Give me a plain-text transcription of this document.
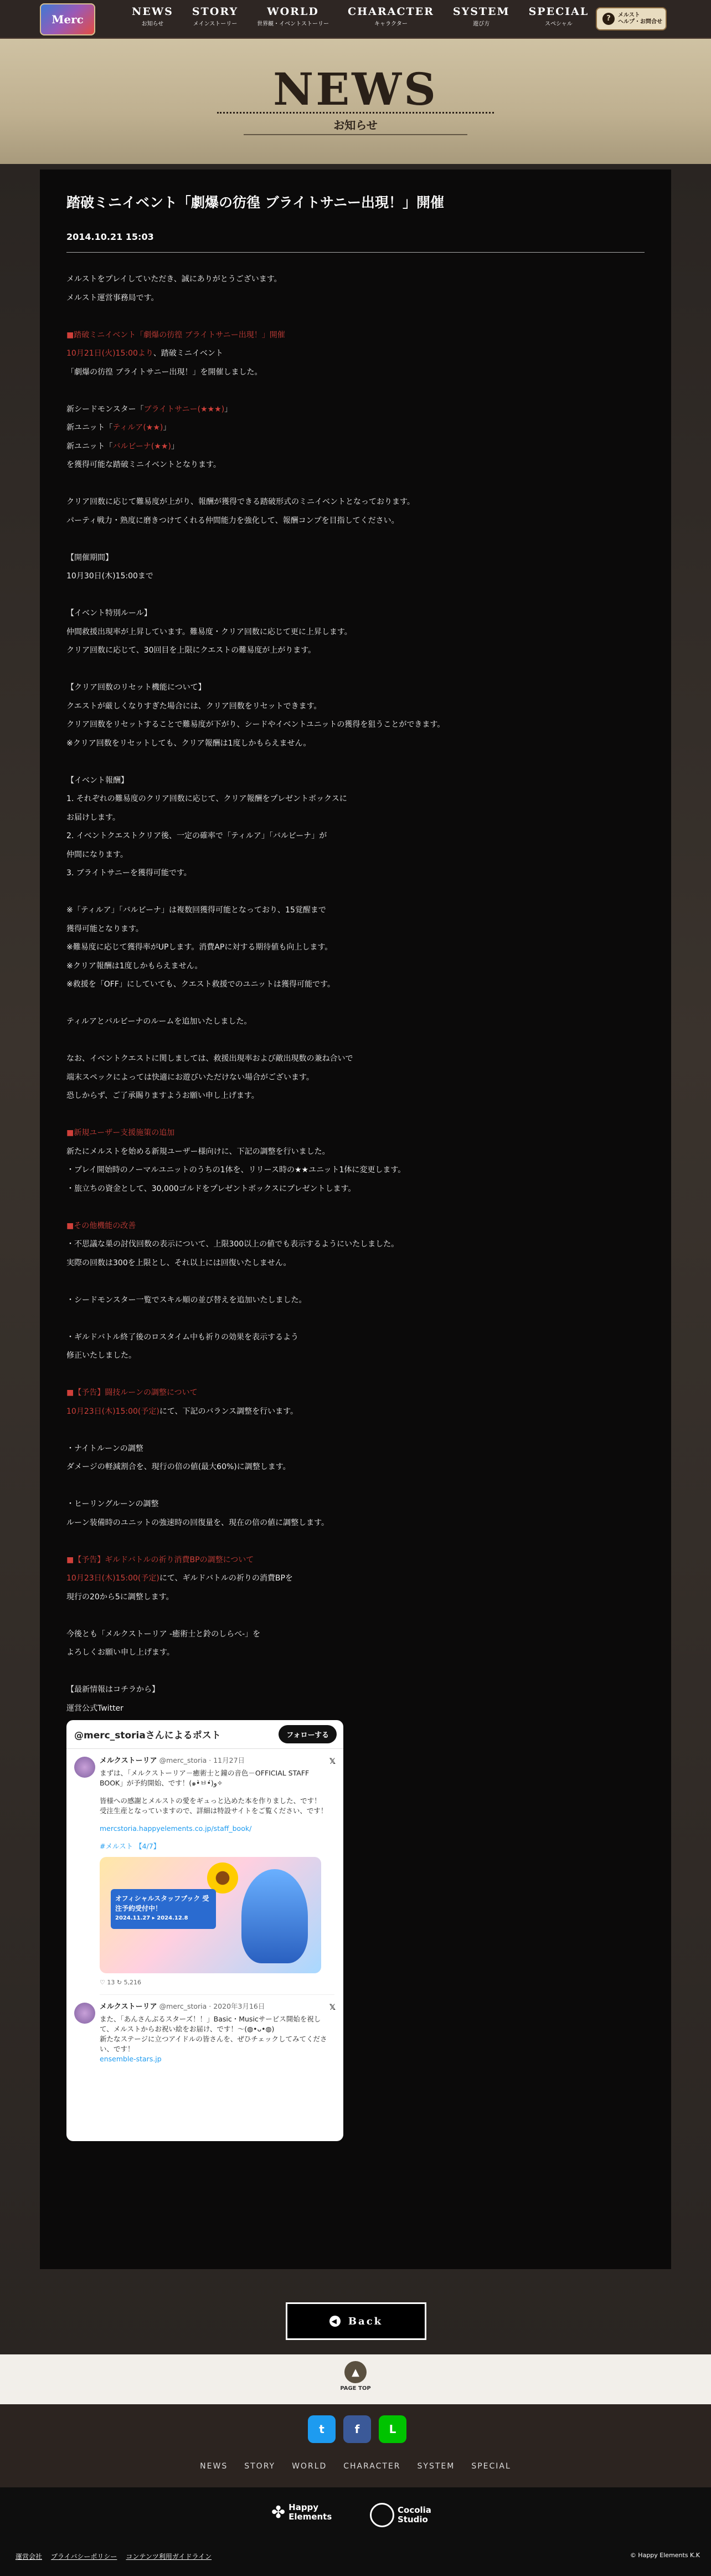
Merc
NEWS
お知らせ
STORY
メインストーリー
WORLD
世界観・イベントストーリー
CHARACTER
キャラクター
SYSTEM
遊び方
SPECIAL
スペシャル
?	メルスト
ヘルプ・お問合せ
NEWS
お知らせ
踏破ミニイベント「劇爆の彷徨 ブライトサニー出現！」開催
2014.10.21 15:03

メルストをプレイしていただき、誠にありがとうございます。

メルスト運営事務局です。

■踏破ミニイベント「劇爆の彷徨 ブライトサニー出現！」開催

10月21日(火)15:00より、踏破ミニイベント

「劇爆の彷徨 ブライトサニー出現！」を開催しました。

新シードモンスター「ブライトサニー(★★★)」

新ユニット「ティルア(★★)」

新ユニット「バルビーナ(★★)」

を獲得可能な踏破ミニイベントとなります。

クリア回数に応じて難易度が上がり、報酬が獲得できる踏破形式のミニイベントとなっております。

パーティ戦力・熟度に磨きつけてくれる仲間能力を強化して、報酬コンプを目指してください。

【開催期間】

10月30日(木)15:00まで

【イベント特別ルール】

仲間救援出現率が上昇しています。難易度・クリア回数に応じて更に上昇します。

クリア回数に応じて、30回目を上限にクエストの難易度が上がります。

【クリア回数のリセット機能について】

クエストが厳しくなりすぎた場合には、クリア回数をリセットできます。

クリア回数をリセットすることで難易度が下がり、シードやイベントユニットの獲得を狙うことができます。

※クリア回数をリセットしても、クリア報酬は1度しかもらえません。

【イベント報酬】

1. それぞれの難易度のクリア回数に応じて、クリア報酬をプレゼントボックスに

お届けします。

2. イベントクエストクリア後、一定の確率で「ティルア」「バルビーナ」が

仲間になります。

3. ブライトサニーを獲得可能です。

※「ティルア」「バルビーナ」は複数回獲得可能となっており、15覚醒まで

獲得可能となります。

※難易度に応じて獲得率がUPします。消費APに対する期待値も向上します。

※クリア報酬は1度しかもらえません。

※救援を「OFF」にしていても、クエスト救援でのユニットは獲得可能です。

ティルアとバルビーナのルームを追加いたしました。

なお、イベントクエストに関しましては、救援出現率および敵出現数の兼ね合いで

端末スペックによっては快適にお遊びいただけない場合がございます。

恐しからず、ご了承賜りますようお願い申し上げます。

■新規ユーザー支援施策の追加

新たにメルストを始める新規ユーザー様向けに、下記の調整を行いました。

・プレイ開始時のノーマルユニットのうちの1体を、リリース時の★★ユニット1体に変更します。

・旅立ちの資金として、30,000ゴルドをプレゼントボックスにプレゼントします。

■その他機能の改善

・不思議な巣の討伐回数の表示について、上限300以上の値でも表示するようにいたしました。

実際の回数は300を上限とし、それ以上には回復いたしません。

・シードモンスター一覧でスキル順の並び替えを追加いたしました。

・ギルドバトル終了後のロスタイム中も祈りの効果を表示するよう

修正いたしました。

■【予告】闘技ルーンの調整について

10月23日(木)15:00(予定)にて、下記のバランス調整を行います。

・ナイトルーンの調整

ダメージの軽減割合を、現行の倍の値(最大60%)に調整します。

・ヒーリングルーンの調整

ルーン装備時のユニットの強速時の回復量を、現在の倍の値に調整します。

■【予告】ギルドバトルの祈り消費BPの調整について

10月23日(木)15:00(予定)にて、ギルドバトルの祈りの消費BPを

現行の20から5に調整します。

今後とも「メルクストーリア -癒術士と鈴のしらべ-」を

よろしくお願い申し上げます。

【最新情報はコチラから】

運営公式Twitter

@merc_storiaさんによるポスト	フォローする
𝕏
メルクストーリア @merc_storia · 11月27日
まずは、「メルクストーリア－癒術士と鐘の音色－OFFICIAL STAFF BOOK」が予約開始、です！(๑•̀ㅂ•́)و✧
皆様への感謝とメルストの愛をギュっと込めた本を作りました、です！
受注生産となっていますので、詳細は特設サイトをご覧ください、です！
mercstoria.happyelements.co.jp/staff_book/
#メルスト 【4/7】
オフィシャルスタッフブック 受注予約受付中！
2024.11.27 ▸ 2024.12.8
♡ 13 ↻ 5,216
𝕏
メルクストーリア @merc_storia · 2020年3月16日
また、「あんさんぶるスターズ！！」Basic・Musicサービス開始を祝して、メルストからお祝い絵をお届け、です！～(◍•ᴗ•◍)
新たなステージに立つアイドルの皆さんを、ぜひチェックしてみてください、です！
ensemble-stars.jp
◀ Back
▲
PAGE TOP
t	f	L
NEWS STORY WORLD CHARACTER SYSTEM SPECIAL
✤ Happy
Elements
Cocolia
Studio
運営会社 プライバシーポリシー コンテンツ利用ガイドライン	© Happy Elements K.K
